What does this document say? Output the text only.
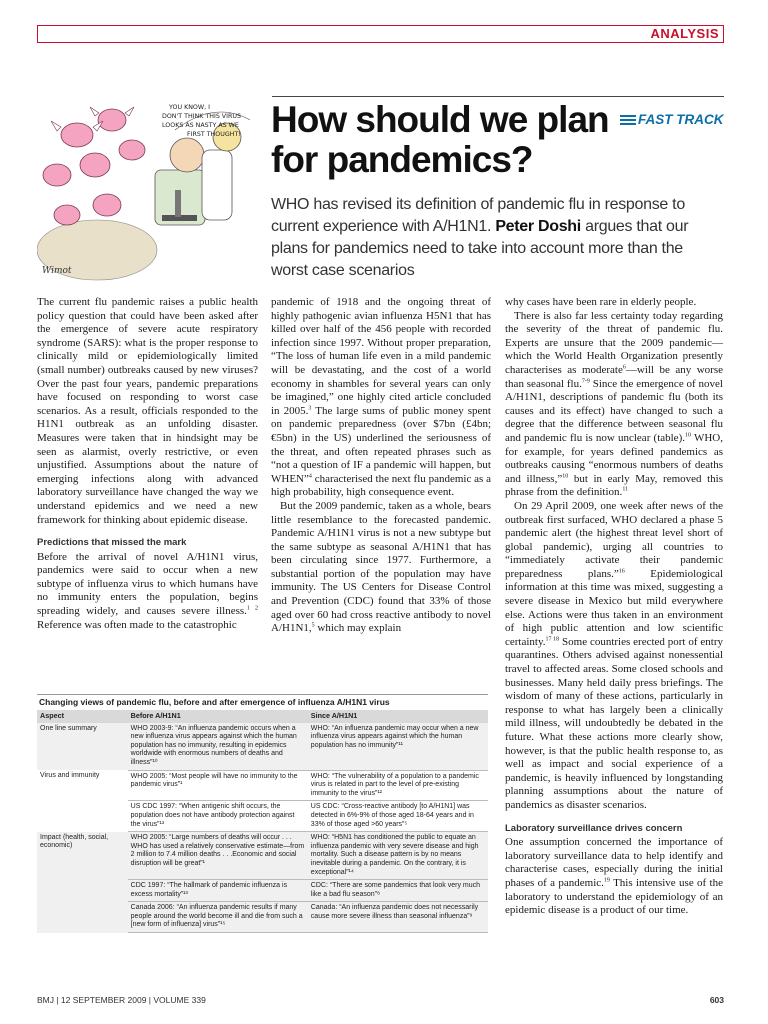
ANALYSIS
YOU KNOW, I
DON'T THINK THIS VIRUS
LOOKS AS NASTY AS WE
FIRST THOUGHT!
Wimot
How should we plan for pandemics?
FAST TRACK

WHO has revised its definition of pandemic flu in response to current experience with A/H1N1. Peter Doshi argues that our plans for pandemics need to take into account more than the worst case scenarios

The current flu pandemic raises a public health policy question that could have been asked after the emergence of severe acute respiratory syndrome (SARS): what is the proper response to clinically mild or epidemiologically limited (small number) outbreaks caused by new viruses? Over the past four years, pandemic preparations have focused on responding to worst case scenarios. As a result, officials responded to the H1N1 outbreak as an unfolding disaster. Measures were taken that in hindsight may be seen as alarmist, overly restrictive, or even unjustified. Assumptions about the nature of emerging infections along with advanced laboratory surveillance have changed the way we understand epidemics and we need a new framework for thinking about epidemic disease.

Predictions that missed the mark

Before the arrival of novel A/H1N1 virus, pandemics were said to occur when a new subtype of influenza virus to which humans have no immunity enters the population, begins spreading widely, and causes severe illness.$^{1 2}$ Reference was often made to the catastrophic

pandemic of 1918 and the ongoing threat of highly pathogenic avian influenza H5N1 that has killed over half of the 456 people with recorded infection since 1997. Without proper preparation, “The loss of human life even in a mild pandemic will be devastating, and the cost of a world economy in shambles for several years can only be imagined,” one highly cited article concluded in 2005.$^3$ The large sums of public money spent on pandemic preparedness (over $7bn (£4bn; €5bn) in the US) underlined the seriousness of the threat, and often repeated phrases such as “not a question of IF a pandemic will happen, but WHEN”$^4$ characterised the next flu pandemic as a high probability, high consequence event.

But the 2009 pandemic, taken as a whole, bears little resemblance to the forecasted pandemic. Pandemic A/H1N1 virus is not a new subtype but the same subtype as seasonal A/H1N1 that has been circulating since 1977. Furthermore, a substantial portion of the population may have immunity. The US Centers for Disease Control and Prevention (CDC) found that 33% of those aged over 60 had cross reactive antibody to novel A/H1N1,$^5$ which may explain

why cases have been rare in elderly people.

There is also far less certainty today regarding the severity of the threat of pandemic flu. Experts are unsure that the 2009 pandemic—which the World Health Organization presently characterises as moderate$^6$—will be any worse than seasonal flu.$^{7-9}$ Since the emergence of novel A/H1N1, descriptions of pandemic flu (both its causes and its effect) have changed to such a degree that the difference between seasonal flu and pandemic flu is now unclear (table).$^{10}$ WHO, for example, for years defined pandemics as outbreaks causing “enormous numbers of deaths and illness,”$^{10}$ but in early May, removed this phrase from the definition.$^{11}$

On 29 April 2009, one week after news of the outbreak first surfaced, WHO declared a phase 5 pandemic alert (the highest threat level short of global pandemic), urging all countries to “immediately activate their pandemic preparedness plans.”$^{16}$ Epidemiological information at this time was mixed, suggesting a severe disease in Mexico but mild everywhere else. Actions were thus taken in an environment of high public attention and low scientific certainty.$^{17 18}$ Some countries erected port of entry quarantines. Others advised against nonessential travel to affected areas. Some closed schools and businesses. Many held daily press briefings. The wisdom of many of these actions, particularly in response to what has largely been a clinically mild illness, will undoubtedly be debated in the future. What these actions more clearly show, however, is that the public health response to, as well as impact and social experience of a pandemic, is heavily influenced by longstanding planning assumptions about the nature of pandemics as disaster scenarios.

Laboratory surveillance drives concern

One assumption concerned the importance of laboratory surveillance data to help identify and characterise cases, especially during the initial phases of a pandemic.$^{19}$ This intensive use of the laboratory to understand the epidemiology of an epidemic disease is a product of our time.

Changing views of pandemic flu, before and after emergence of influenza A/H1N1 virus
Aspect	Before A/H1N1	Since A/H1N1
One line summary	WHO 2003-9: “An influenza pandemic occurs when a new influenza virus appears against which the human population has no immunity, resulting in epidemics worldwide with enormous numbers of deaths and illness”¹⁰	WHO: “An influenza pandemic may occur when a new influenza virus appears against which the human population has no immunity”¹¹
Virus and immunity	WHO 2005: “Most people will have no immunity to the pandemic virus”¹	WHO: “The vulnerability of a population to a pandemic virus is related in part to the level of pre-existing immunity to the virus”¹²
	US CDC 1997: “When antigenic shift occurs, the population does not have antibody protection against the virus”¹³	US CDC: “Cross-reactive antibody [to A/H1N1] was detected in 6%-9% of those aged 18-64 years and in 33% of those aged >60 years”⁵
Impact (health, social, economic)	WHO 2005: “Large numbers of deaths will occur . . . WHO has used a relatively conservative estimate—from 2 million to 7.4 million deaths . . .Economic and social disruption will be great”¹	WHO: “H5N1 has conditioned the public to equate an influenza pandemic with very severe disease and high mortality. Such a disease pattern is by no means inevitable during a pandemic. On the contrary, it is exceptional”¹⁴
	CDC 1997: “The hallmark of pandemic influenza is excess mortality”¹³	CDC: “There are some pandemics that look very much like a bad flu season”⁸
	Canada 2006: “An influenza pandemic results if many people around the world become ill and die from such a [new form of influenza] virus”¹⁵	Canada: “An influenza pandemic does not necessarily cause more severe illness than seasonal influenza”⁹
BMJ | 12 SEPTEMBER 2009 | VOLUME 339	603
